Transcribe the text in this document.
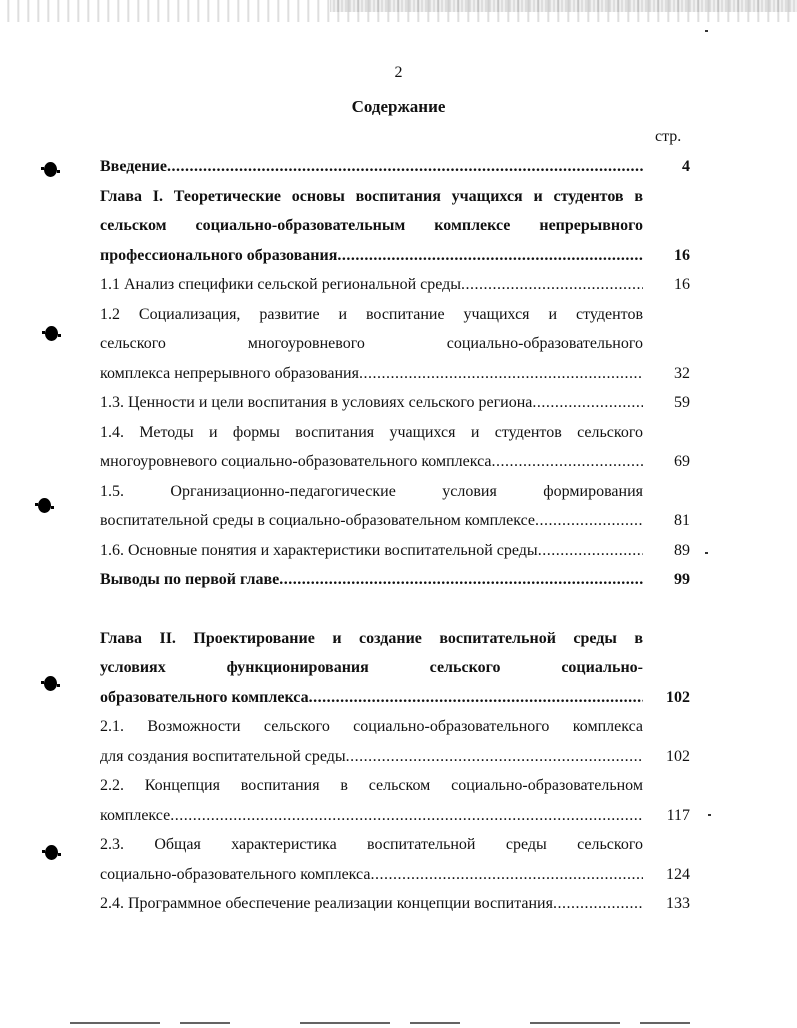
2
Содержание
стр.
Введение .....	4
Глава I. Теоретические основы воспитания учащихся и студентов в
сельском социально-образовательным комплексе непрерывного
профессионального образования .....	16
1.1 Анализ специфики сельской региональной среды .....	16
1.2 Социализация, развитие и воспитание учащихся и студентов
сельского многоуровневого социально-образовательного
комплекса непрерывного образования .....	32
1.3. Ценности и цели воспитания в условиях сельского региона .....	59
1.4. Методы и формы воспитания учащихся и студентов сельского
многоуровневого социально-образовательного комплекса .....	69
1.5. Организационно-педагогические условия формирования
воспитательной среды в социально-образовательном комплексе .....	81
1.6. Основные понятия и характеристики воспитательной среды .....	89
Выводы по первой главе .....	99
Глава II. Проектирование и создание воспитательной среды в
условиях функционирования сельского социально-
образовательного комплекса .....	102
2.1. Возможности сельского социально-образовательного комплекса
для создания воспитательной среды .....	102
2.2. Концепция воспитания в сельском социально-образовательном
комплексе .....	117
2.3. Общая характеристика воспитательной среды сельского
социально-образовательного комплекса .....	124
2.4. Программное обеспечение реализации концепции воспитания .....	133
